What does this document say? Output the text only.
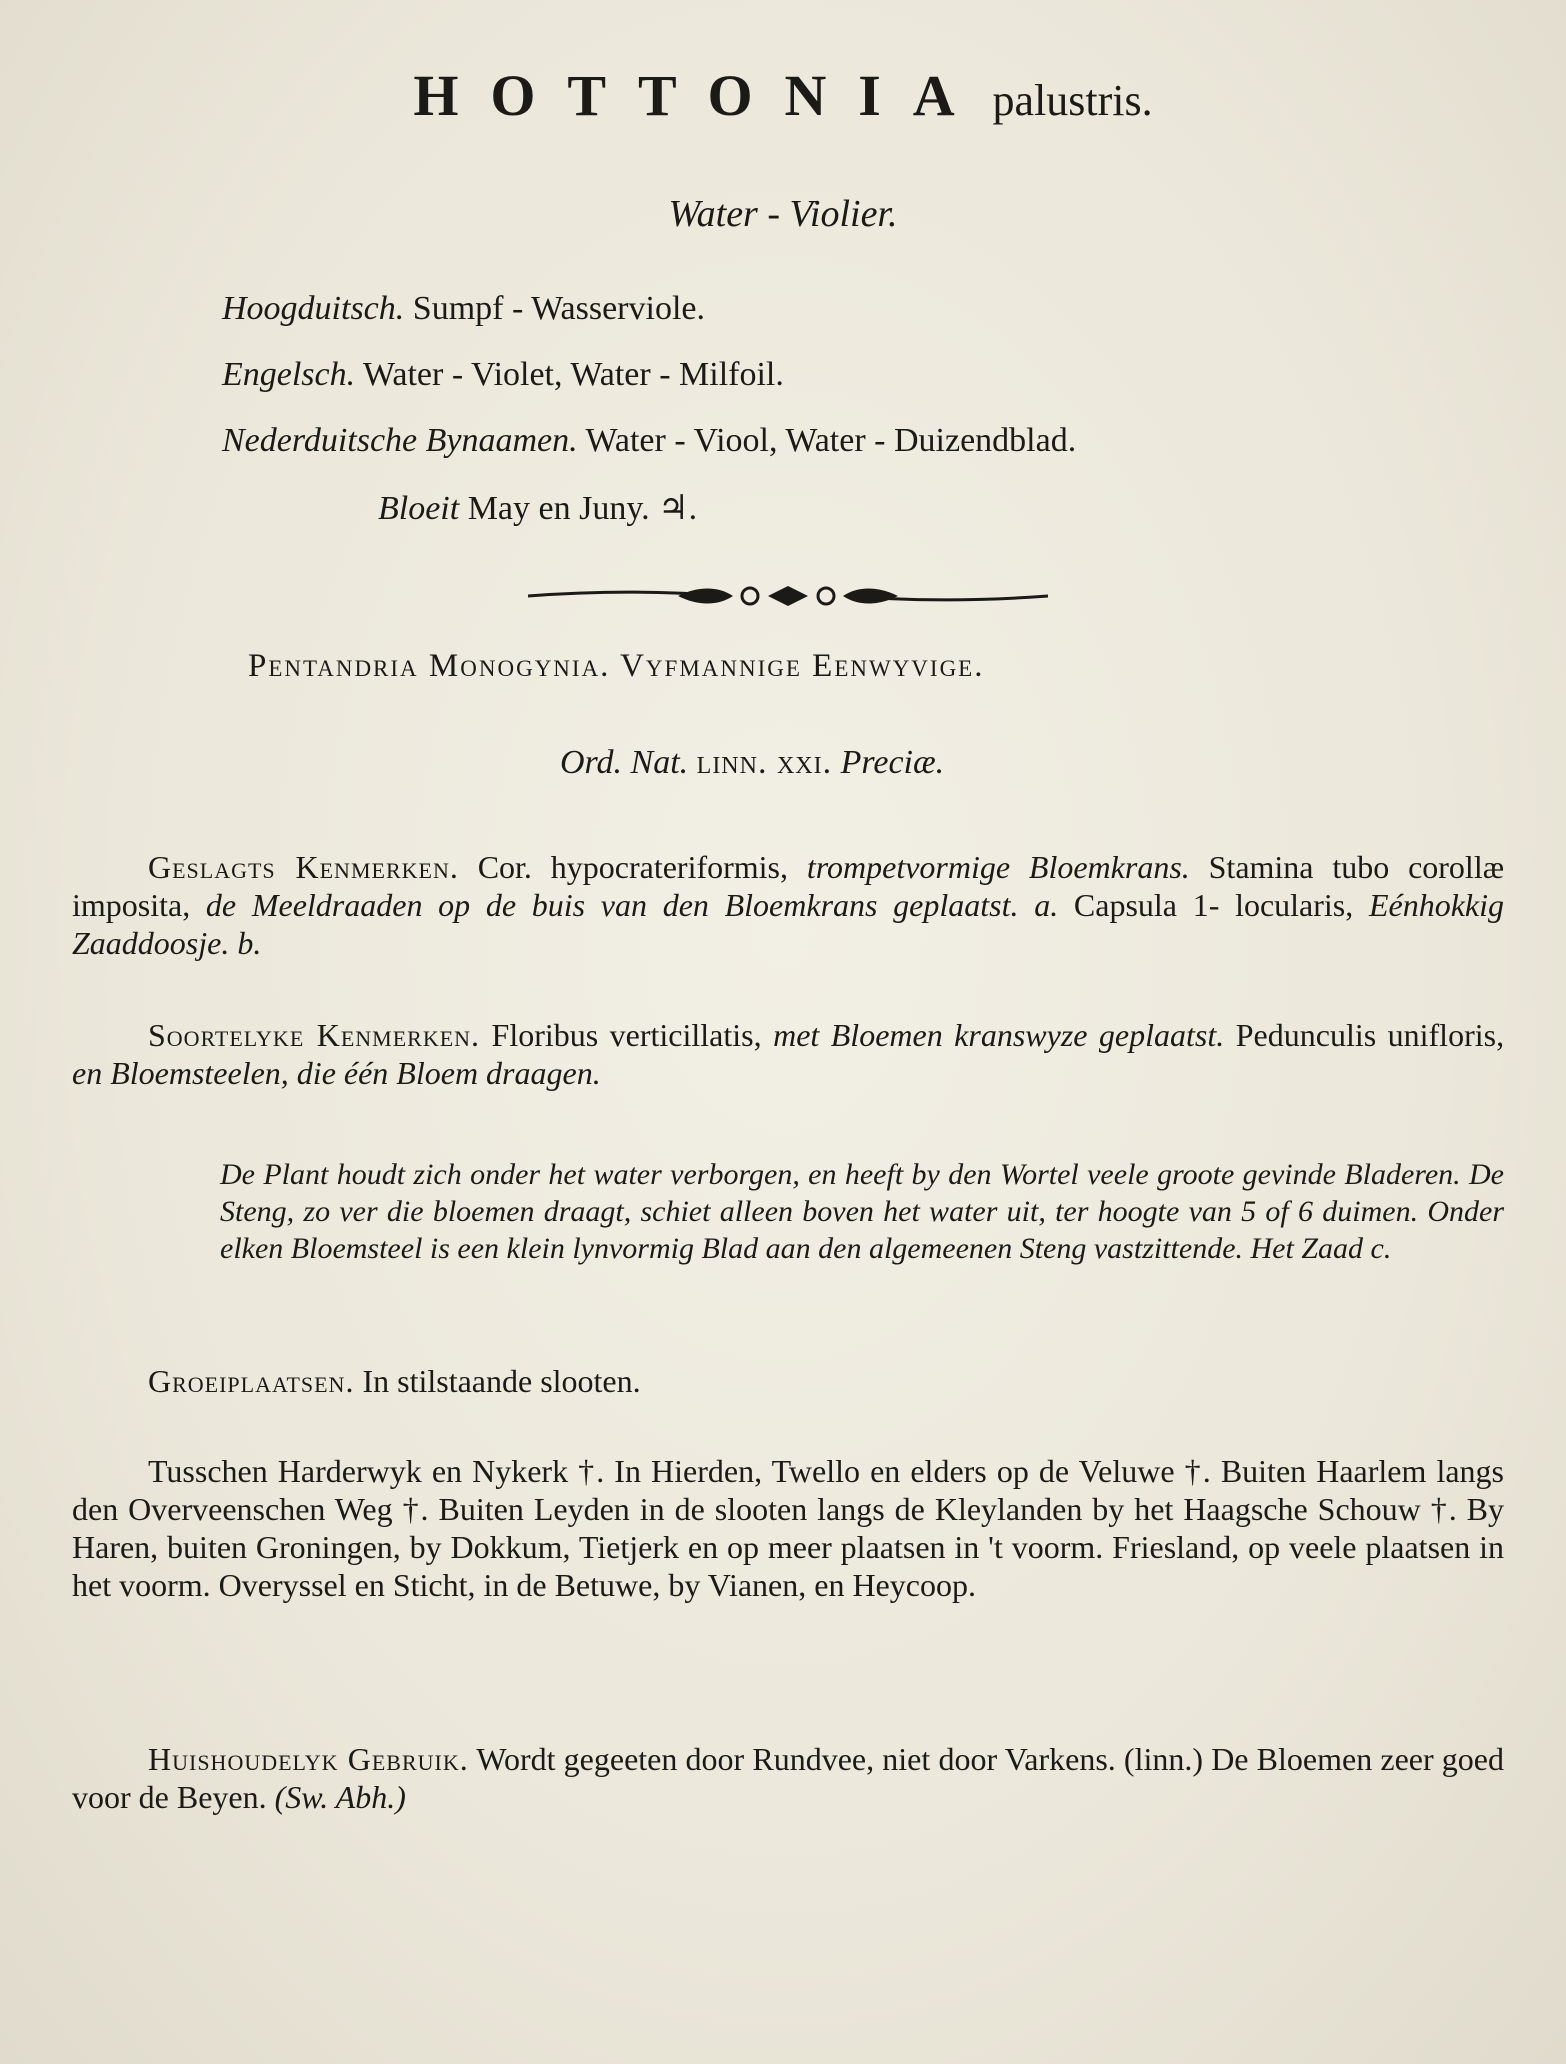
HOTTONIA palustris.
Water - Violier.
Hoogduitsch. Sumpf - Wasserviole.
Engelsch. Water - Violet, Water - Milfoil.
Nederduitsche Bynaamen. Water - Viool, Water - Duizendblad.
Bloeit May en Juny. ♃.
Pentandria Monogynia. Vyfmannige Eenwyvige.
Ord. Nat. linn. xxi. Preciæ.
Geslagts Kenmerken. Cor. hypocrateriformis, trompetvormige Bloemkrans. Stamina tubo corollæ imposita, de Meeldraaden op de buis van den Bloemkrans geplaatst. a. Capsula 1- locularis, Eénhokkig Zaaddoosje. b.
Soortelyke Kenmerken. Floribus verticillatis, met Bloemen kranswyze geplaatst. Pedunculis unifloris, en Bloemsteelen, die één Bloem draagen.
De Plant houdt zich onder het water verborgen, en heeft by den Wortel veele groote gevinde Bladeren. De Steng, zo ver die bloemen draagt, schiet alleen boven het water uit, ter hoogte van 5 of 6 duimen. Onder elken Bloemsteel is een klein lynvormig Blad aan den algemeenen Steng vastzittende. Het Zaad c.
Groeiplaatsen. In stilstaande slooten.
Tusschen Harderwyk en Nykerk †. In Hierden, Twello en elders op de Veluwe †. Buiten Haarlem langs den Overveenschen Weg †. Buiten Leyden in de slooten langs de Kleylanden by het Haagsche Schouw †. By Haren, buiten Groningen, by Dokkum, Tietjerk en op meer plaatsen in 't voorm. Friesland, op veele plaatsen in het voorm. Overyssel en Sticht, in de Betuwe, by Vianen, en Heycoop.
Huishoudelyk Gebruik. Wordt gegeeten door Rundvee, niet door Varkens. (linn.) De Bloemen zeer goed voor de Beyen. (Sw. Abh.)
